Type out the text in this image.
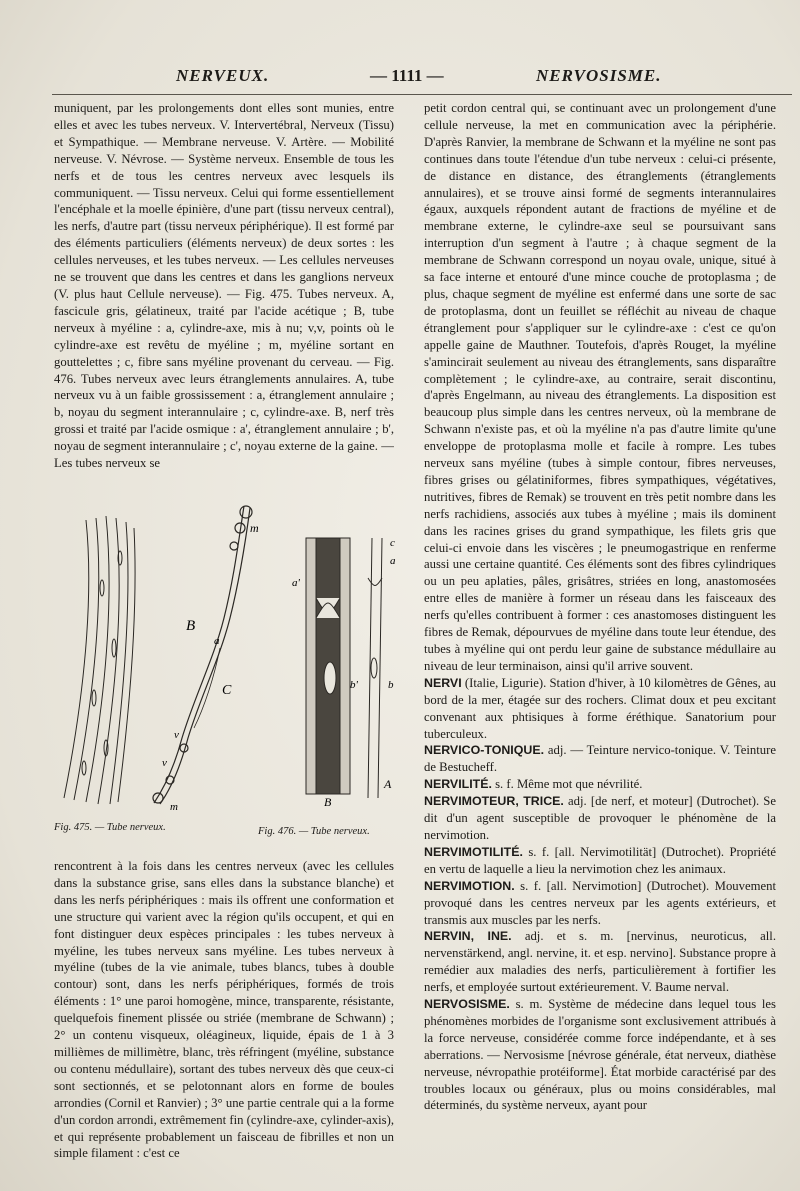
NERVEUX.	— 1111 —	NERVOSISME.

muniquent, par les prolongements dont elles sont munies, entre elles et avec les tubes nerveux. V. Intervertébral, Nerveux (Tissu) et Sympathique. — Membrane nerveuse. V. Artère. — Mobilité nerveuse. V. Névrose. — Système nerveux. Ensemble de tous les nerfs et de tous les centres nerveux avec lesquels ils communiquent. — Tissu nerveux. Celui qui forme essentiellement l'encéphale et la moelle épinière, d'une part (tissu nerveux central), les nerfs, d'autre part (tissu nerveux périphérique). Il est formé par des éléments particuliers (éléments nerveux) de deux sortes : les cellules nerveuses, et les tubes nerveux. — Les cellules nerveuses ne se trouvent que dans les centres et dans les ganglions nerveux (V. plus haut Cellule nerveuse). — Fig. 475. Tubes nerveux. A, fascicule gris, gélatineux, traité par l'acide acétique ; B, tube nerveux à myéline : a, cylindre-axe, mis à nu; v,v, points où le cylindre-axe est revêtu de myéline ; m, myéline sortant en gouttelettes ; c, fibre sans myéline provenant du cerveau. — Fig. 476. Tubes nerveux avec leurs étranglements annulaires. A, tube nerveux vu à un faible grossissement : a, étranglement annulaire ; b, noyau du segment interannulaire ; c, cylindre-axe. B, nerf très grossi et traité par l'acide osmique : a', étranglement annulaire ; b', noyau de segment interannulaire ; c', noyau externe de la gaine. — Les tubes nerveux se

m
B
a
C
v
v
m
c
a
a'
b'	b
B
A
Fig. 475. — Tube nerveux.	Fig. 476. — Tube nerveux.

rencontrent à la fois dans les centres nerveux (avec les cellules dans la substance grise, sans elles dans la substance blanche) et dans les nerfs périphériques : mais ils offrent une conformation et une structure qui varient avec la région qu'ils occupent, et qui en font distinguer deux espèces principales : les tubes nerveux à myéline, les tubes nerveux sans myéline. Les tubes nerveux à myéline (tubes de la vie animale, tubes blancs, tubes à double contour) sont, dans les nerfs périphériques, formés de trois éléments : 1° une paroi homogène, mince, transparente, résistante, quelquefois finement plissée ou striée (membrane de Schwann) ; 2° un contenu visqueux, oléagineux, liquide, épais de 1 à 3 millièmes de millimètre, blanc, très réfringent (myéline, substance ou contenu médullaire), sortant des tubes nerveux dès que ceux-ci sont sectionnés, et se pelotonnant alors en forme de boules arrondies (Cornil et Ranvier) ; 3° une partie centrale qui a la forme d'un cordon arrondi, extrêmement fin (cylindre-axe, cylinder-axis), et qui représente probablement un faisceau de fibrilles et non un simple filament : c'est ce

petit cordon central qui, se continuant avec un prolongement d'une cellule nerveuse, la met en communication avec la périphérie. D'après Ranvier, la membrane de Schwann et la myéline ne sont pas continues dans toute l'étendue d'un tube nerveux : celui-ci présente, de distance en distance, des étranglements (étranglements annulaires), et se trouve ainsi formé de segments interannulaires égaux, auxquels répondent autant de fractions de myéline et de membrane externe, le cylindre-axe seul se poursuivant sans interruption d'un segment à l'autre ; à chaque segment de la membrane de Schwann correspond un noyau ovale, unique, situé à sa face interne et entouré d'une mince couche de protoplasma ; de plus, chaque segment de myéline est enfermé dans une sorte de sac de protoplasma, dont un feuillet se réfléchit au niveau de chaque étranglement pour s'appliquer sur le cylindre-axe : c'est ce qu'on appelle gaine de Mauthner. Toutefois, d'après Rouget, la myéline s'amincirait seulement au niveau des étranglements, sans disparaître complètement ; le cylindre-axe, au contraire, serait discontinu, d'après Engelmann, au niveau des étranglements. La disposition est beaucoup plus simple dans les centres nerveux, où la membrane de Schwann n'existe pas, et où la myéline n'a pas d'autre limite qu'une enveloppe de protoplasma molle et facile à rompre. Les tubes nerveux sans myéline (tubes à simple contour, fibres nerveuses, fibres grises ou gélatiniformes, fibres sympathiques, végétatives, nutritives, fibres de Remak) se trouvent en très petit nombre dans les nerfs rachidiens, associés aux tubes à myéline ; mais ils dominent dans les racines grises du grand sympathique, les filets gris que celui-ci envoie dans les viscères ; le pneumogastrique en renferme aussi une certaine quantité. Ces éléments sont des fibres cylindriques ou un peu aplaties, pâles, grisâtres, striées en long, anastomosées entre elles de manière à former un réseau dans les faisceaux des nerfs qu'elles contribuent à former : ces anastomoses distinguent les fibres de Remak, dépourvues de myéline dans toute leur étendue, des tubes à myéline qui ont perdu leur gaine de substance médullaire au niveau de leur terminaison, ainsi qu'il arrive souvent.

NERVI (Italie, Ligurie). Station d'hiver, à 10 kilomètres de Gênes, au bord de la mer, étagée sur des rochers. Climat doux et peu excitant convenant aux phtisiques à forme éréthique. Sanatorium pour tuberculeux.

NERVICO-TONIQUE. adj. — Teinture nervico-tonique. V. Teinture de Bestucheff.

NERVILITÉ. s. f. Même mot que névrilité.

NERVIMOTEUR, TRICE. adj. [de nerf, et moteur] (Dutrochet). Se dit d'un agent susceptible de provoquer le phénomène de la nervimotion.

NERVIMOTILITÉ. s. f. [all. Nervimotilität] (Dutrochet). Propriété en vertu de laquelle a lieu la nervimotion chez les animaux.

NERVIMOTION. s. f. [all. Nervimotion] (Dutrochet). Mouvement provoqué dans les centres nerveux par les agents extérieurs, et transmis aux muscles par les nerfs.

NERVIN, INE. adj. et s. m. [nervinus, neuroticus, all. nervenstärkend, angl. nervine, it. et esp. nervino]. Substance propre à remédier aux maladies des nerfs, particulièrement à fortifier les nerfs, et employée surtout extérieurement. V. Baume nerval.

NERVOSISME. s. m. Système de médecine dans lequel tous les phénomènes morbides de l'organisme sont exclusivement attribués à la force nerveuse, considérée comme force indépendante, et à ses aberrations. — Nervosisme [névrose générale, état nerveux, diathèse nerveuse, névropathie protéiforme]. État morbide caractérisé par des troubles locaux ou généraux, plus ou moins considérables, mal déterminés, du système nerveux, ayant pour
